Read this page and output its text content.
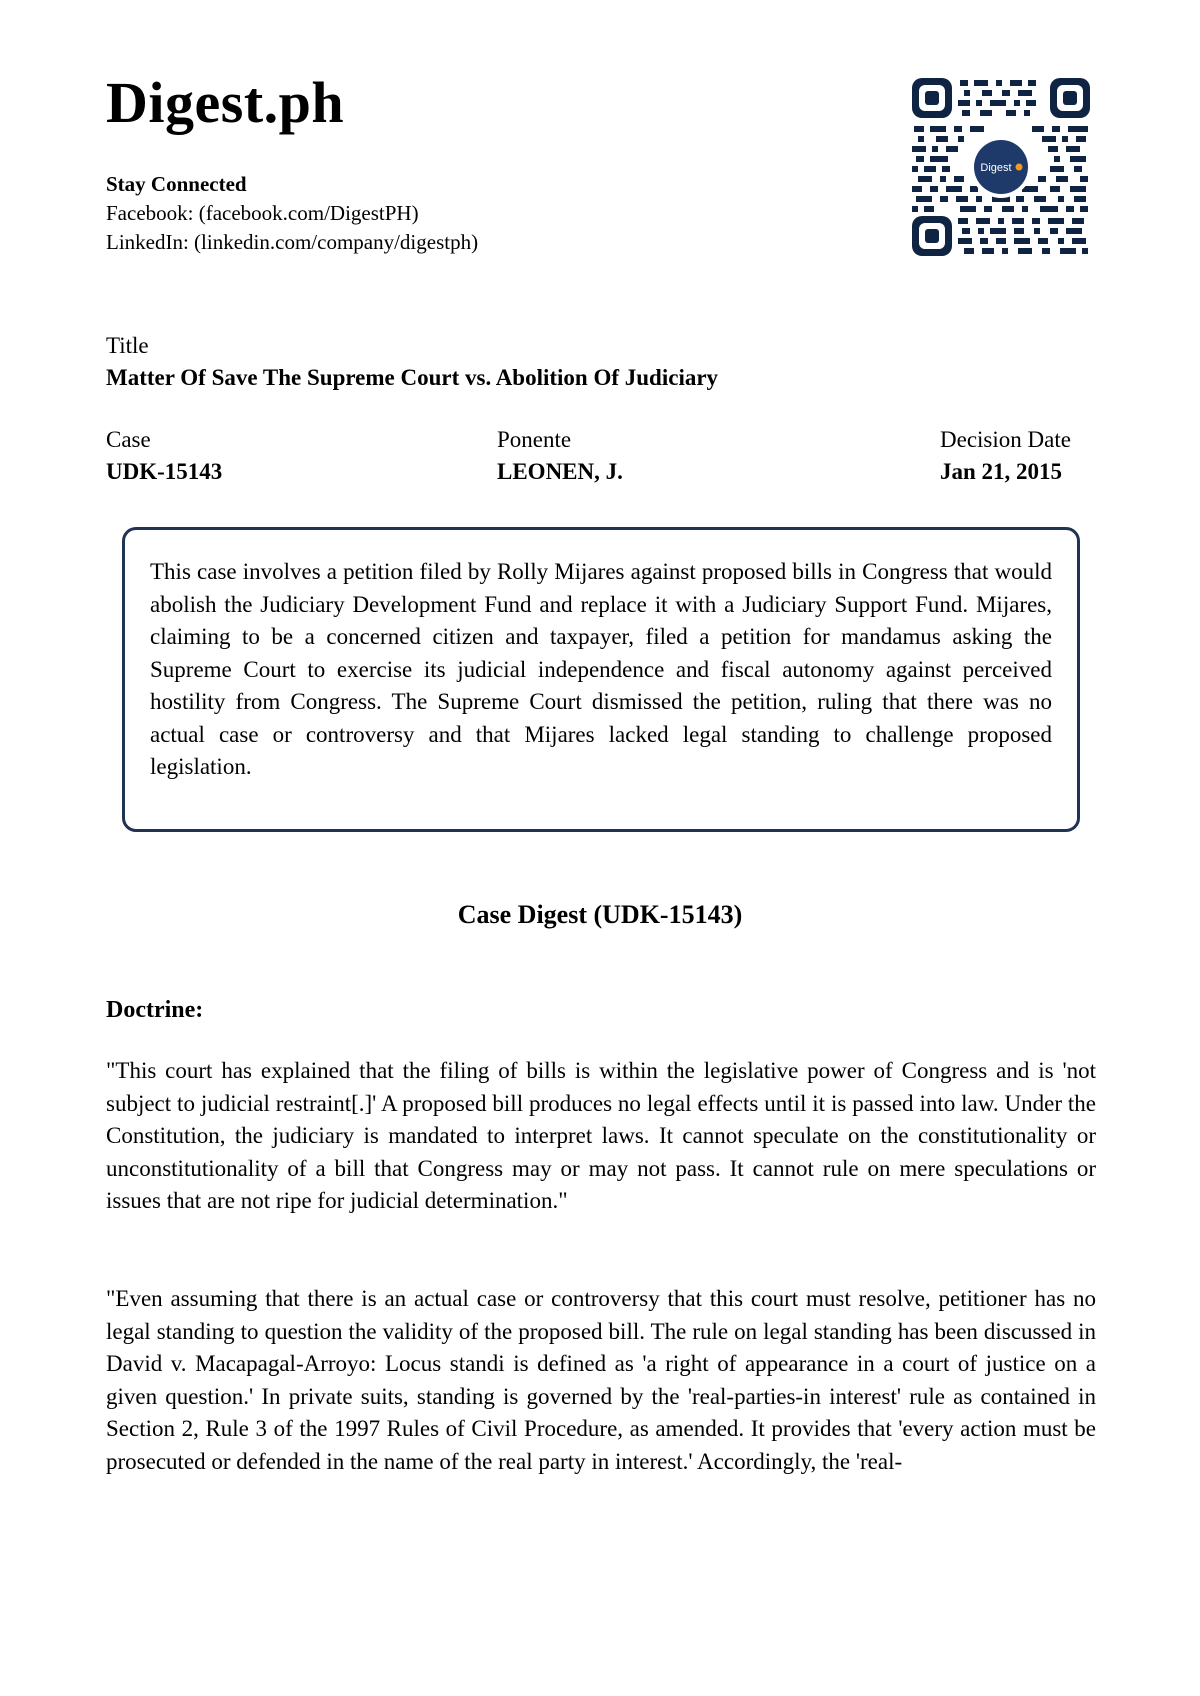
Digest.ph
Stay Connected
Facebook: (facebook.com/DigestPH)
LinkedIn: (linkedin.com/company/digestph)
Digest
Title
Matter Of Save The Supreme Court vs. Abolition Of Judiciary
Case
UDK-15143
Ponente
LEONEN, J.
Decision Date
Jan 21, 2015

This case involves a petition filed by Rolly Mijares against proposed bills in Congress that would abolish the Judiciary Development Fund and replace it with a Judiciary Support Fund. Mijares, claiming to be a concerned citizen and taxpayer, filed a petition for mandamus asking the Supreme Court to exercise its judicial independence and fiscal autonomy against perceived hostility from Congress. The Supreme Court dismissed the petition, ruling that there was no actual case or controversy and that Mijares lacked legal standing to challenge proposed legislation.

Case Digest (UDK-15143)
Doctrine:

"This court has explained that the filing of bills is within the legislative power of Congress and is 'not subject to judicial restraint[.]' A proposed bill produces no legal effects until it is passed into law. Under the Constitution, the judiciary is mandated to interpret laws. It cannot speculate on the constitutionality or unconstitutionality of a bill that Congress may or may not pass. It cannot rule on mere speculations or issues that are not ripe for judicial determination."

"Even assuming that there is an actual case or controversy that this court must resolve, petitioner has no legal standing to question the validity of the proposed bill. The rule on legal standing has been discussed in David v. Macapagal-Arroyo: Locus standi is defined as 'a right of appearance in a court of justice on a given question.' In private suits, standing is governed by the 'real-parties-in interest' rule as contained in Section 2, Rule 3 of the 1997 Rules of Civil Procedure, as amended. It provides that 'every action must be prosecuted or defended in the name of the real party in interest.' Accordingly, the 'real-
